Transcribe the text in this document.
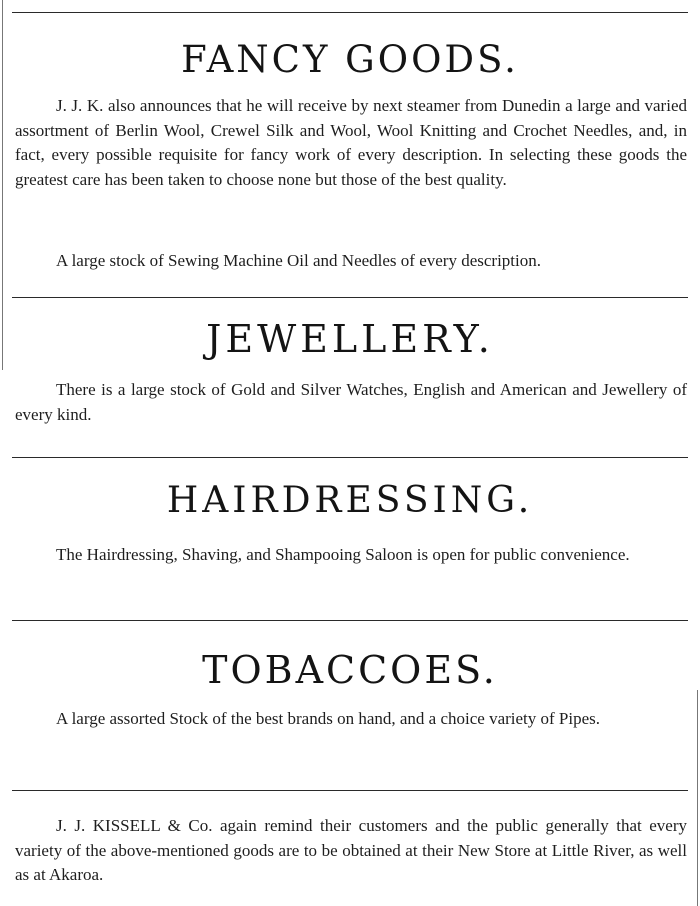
FANCY GOODS.

J. J. K. also announces that he will receive by next steamer from Dunedin a large and varied assortment of Berlin Wool, Crewel Silk and Wool, Wool Knitting and Crochet Needles, and, in fact, every possible requisite for fancy work of every description. In selecting these goods the greatest care has been taken to choose none but those of the best quality.

A large stock of Sewing Machine Oil and Needles of every description.

JEWELLERY.

There is a large stock of Gold and Silver Watches, English and American and Jewellery of every kind.

HAIRDRESSING.

The Hairdressing, Shaving, and Shampooing Saloon is open for public convenience.

TOBACCOES.

A large assorted Stock of the best brands on hand, and a choice variety of Pipes.

J. J. KISSELL & Co. again remind their customers and the public generally that every variety of the above-mentioned goods are to be obtained at their New Store at Little River, as well as at Akaroa.
